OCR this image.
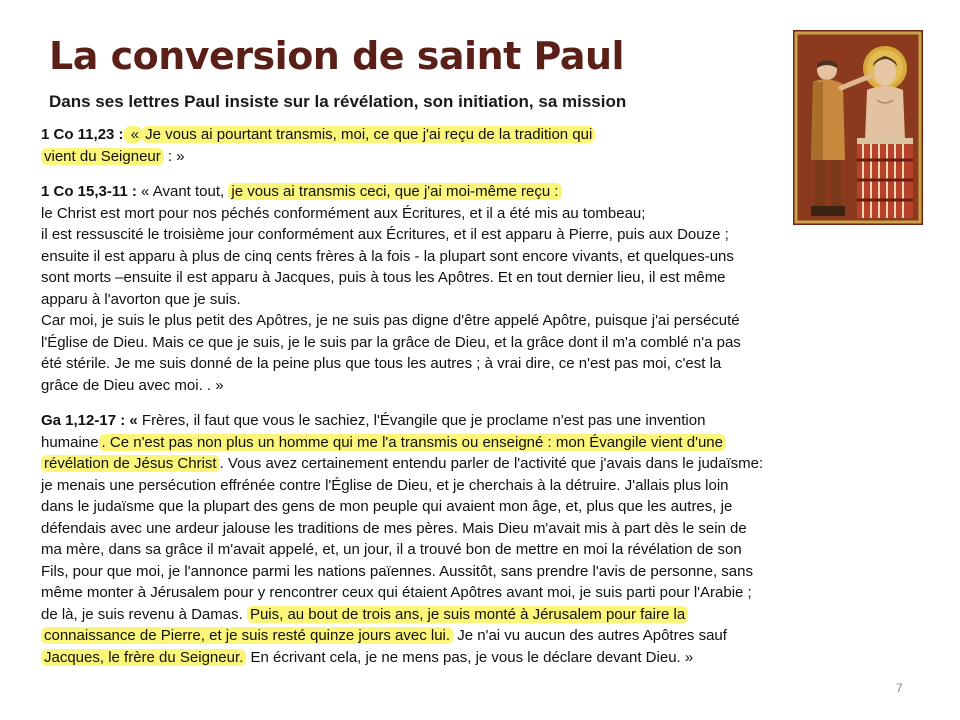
La conversion de saint Paul
Dans ses lettres Paul insiste sur la révélation, son initiation, sa mission
1 Co 11,23 : « Je vous ai pourtant transmis, moi, ce que j'ai reçu de la tradition qui
vient du Seigneur : »
1 Co 15,3-11 : « Avant tout, je vous ai transmis ceci, que j'ai moi-même reçu :
le Christ est mort pour nos péchés conformément aux Écritures, et il a été mis au tombeau;
il est ressuscité le troisième jour conformément aux Écritures, et il est apparu à Pierre, puis aux Douze ;
ensuite il est apparu à plus de cinq cents frères à la fois - la plupart sont encore vivants, et quelques-uns
sont morts –ensuite il est apparu à Jacques, puis à tous les Apôtres. Et en tout dernier lieu, il est même
apparu à l'avorton que je suis.
Car moi, je suis le plus petit des Apôtres, je ne suis pas digne d'être appelé Apôtre, puisque j'ai persécuté
l'Église de Dieu. Mais ce que je suis, je le suis par la grâce de Dieu, et la grâce dont il m'a comblé n'a pas
été stérile. Je me suis donné de la peine plus que tous les autres ; à vrai dire, ce n'est pas moi, c'est la
grâce de Dieu avec moi. . »
Ga 1,12-17 : « Frères, il faut que vous le sachiez, l'Évangile que je proclame n'est pas une invention
humaine . Ce n'est pas non plus un homme qui me l'a transmis ou enseigné : mon Évangile vient d'une
révélation de Jésus Christ . Vous avez certainement entendu parler de l'activité que j'avais dans le judaïsme:
je menais une persécution effrénée contre l'Église de Dieu, et je cherchais à la détruire. J'allais plus loin
dans le judaïsme que la plupart des gens de mon peuple qui avaient mon âge, et, plus que les autres, je
défendais avec une ardeur jalouse les traditions de mes pères. Mais Dieu m'avait mis à part dès le sein de
ma mère, dans sa grâce il m'avait appelé, et, un jour, il a trouvé bon de mettre en moi la révélation de son
Fils, pour que moi, je l'annonce parmi les nations païennes. Aussitôt, sans prendre l'avis de personne, sans
même monter à Jérusalem pour y rencontrer ceux qui étaient Apôtres avant moi, je suis parti pour l'Arabie ;
de là, je suis revenu à Damas. Puis, au bout de trois ans, je suis monté à Jérusalem pour faire la
connaissance de Pierre, et je suis resté quinze jours avec lui. Je n'ai vu aucun des autres Apôtres sauf
Jacques, le frère du Seigneur. En écrivant cela, je ne mens pas, je vous le déclare devant Dieu. »
7
